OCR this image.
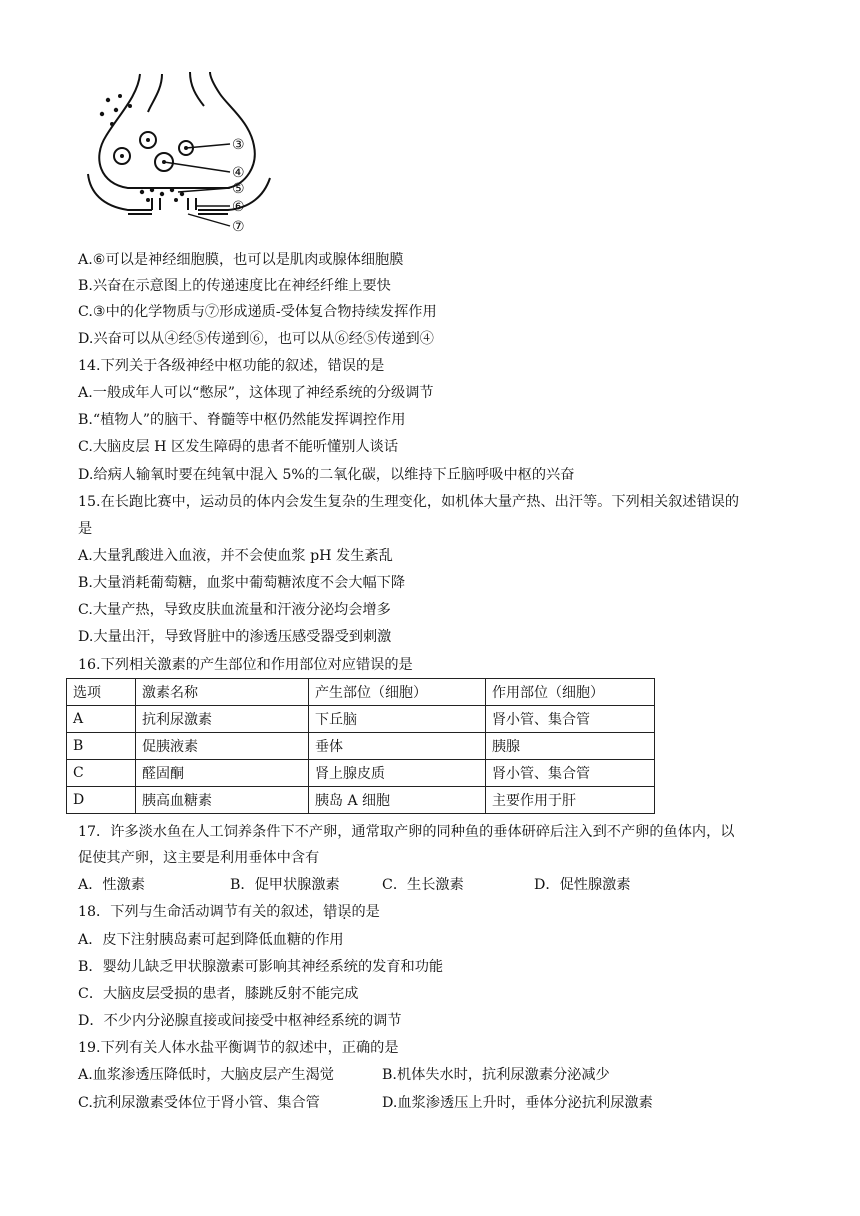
③
④
⑤
⑥
⑦
A.⑥可以是神经细胞膜，也可以是肌肉或腺体细胞膜
B.兴奋在示意图上的传递速度比在神经纤维上要快
C.③中的化学物质与⑦形成递质-受体复合物持续发挥作用
D.兴奋可以从④经⑤传递到⑥，也可以从⑥经⑤传递到④
14.下列关于各级神经中枢功能的叙述，错误的是
A.一般成年人可以“憋尿”，这体现了神经系统的分级调节
B.“植物人”的脑干、脊髓等中枢仍然能发挥调控作用
C.大脑皮层 H 区发生障碍的患者不能听懂别人谈话
D.给病人输氧时要在纯氧中混入 5%的二氧化碳，以维持下丘脑呼吸中枢的兴奋
15.在长跑比赛中，运动员的体内会发生复杂的生理变化，如机体大量产热、出汗等。下列相关叙述错误的
是
A.大量乳酸进入血液，并不会使血浆 pH 发生紊乱
B.大量消耗葡萄糖，血浆中葡萄糖浓度不会大幅下降
C.大量产热，导致皮肤血流量和汗液分泌均会增多
D.大量出汗，导致肾脏中的渗透压感受器受到刺激
16.下列相关激素的产生部位和作用部位对应错误的是
选项	激素名称	产生部位（细胞）	作用部位（细胞）
A	抗利尿激素	下丘脑	肾小管、集合管
B	促胰液素	垂体	胰腺
C	醛固酮	肾上腺皮质	肾小管、集合管
D	胰高血糖素	胰岛 A 细胞	主要作用于肝
17．许多淡水鱼在人工饲养条件下不产卵，通常取产卵的同种鱼的垂体研碎后注入到不产卵的鱼体内，以
促使其产卵，这主要是利用垂体中含有
A．性激素	B．促甲状腺激素	C．生长激素	D．促性腺激素
18．下列与生命活动调节有关的叙述，错误的是
A．皮下注射胰岛素可起到降低血糖的作用
B．婴幼儿缺乏甲状腺激素可影响其神经系统的发育和功能
C．大脑皮层受损的患者，膝跳反射不能完成
D．不少内分泌腺直接或间接受中枢神经系统的调节
19.下列有关人体水盐平衡调节的叙述中，正确的是
A.血浆渗透压降低时，大脑皮层产生渴觉	B.机体失水时，抗利尿激素分泌减少
C.抗利尿激素受体位于肾小管、集合管	D.血浆渗透压上升时，垂体分泌抗利尿激素
